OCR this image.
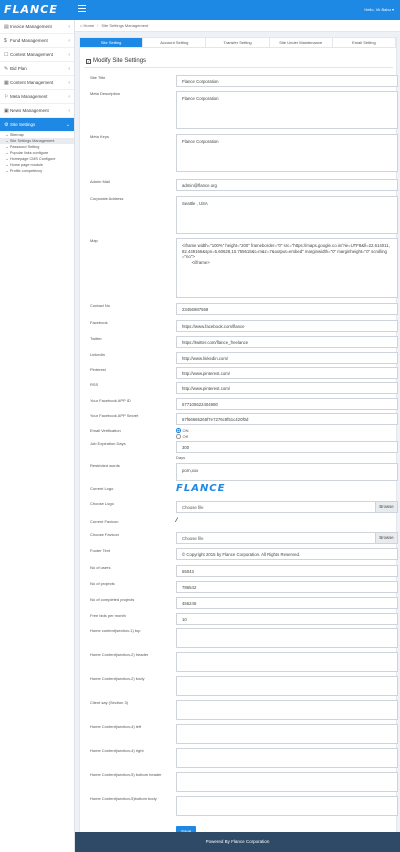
FLANCE	Hello, Vk Babu ▾
▤ Invoice Management	‹
$ Fund Management	‹
☐ Contest Management	‹
✎ Bid Plan	‹
▦ Content Management	‹
⚐ Meta Management	‹
▣ News Management	‹
⚙ Site Settings	⌄
→ Sitemap
→ Site Settings Management
→ Password Setting
→ Popular links configure
→ Homepage CMS Configure
→ Home page module
→ Profile competency
⌂
Home / Site Settings Management
Site Setting	Account Setting	Transfer Setting	Site Under Maintenance	Email Setting
✓ Modify Site Settings
Site Title
Flance Corporation
Meta Description
Flance Corporation
Meta Keys
Flance Corporation
Admin Mail
admin@flance.org
Corporate Address
Seattle , USA
Map
<iframe width="100%" height="200" frameborder="0" src="https://maps.google.co.in/?ie=UTF8&ll=22.614011,82.449166&spn=5.60628,10.755615&t=m&z=7&output=embed" marginwidth="0" marginheight="0" scrolling="no">
</iframe>
Contact No
23456987569
Facebook
https://www.facebook.com/flance
Twitter
https://twitter.com/flance_freelance
LinkedIn
http://www.linkedin.com/
Pinterest
http://www.pinterest.com/
RSS
http://www.pinterest.com/
Your Facebook APP ID
677105622404980
Your Facebook APP Secret
67f66665265f7e7276c9f51c420f0d
Email Verification	ON

Off
Job Expiration Days
300
Days
Restricted words
porn,xxx
Current Logo	FLANCE
Choose Logo
Choose file	Browse
Current Favicon	⁄
Choose Favicon
Choose file	Browse
Footer Text
© Copyright 2015 by Flance Corporation. All Rights Reserved.
No of users
55043
No of projects
786542
No of completed projects
456245
Free bids per month
10
Home content(section-1) top
Home Content(section-2) header
Home Content(section-2) body
Client say (Section 3)
Home Content(section-4) left
Home Content(section-4) right
Home Content(section-5) bottom header
Home Content(section-5)bottom body

Powered By Flance Corporation
